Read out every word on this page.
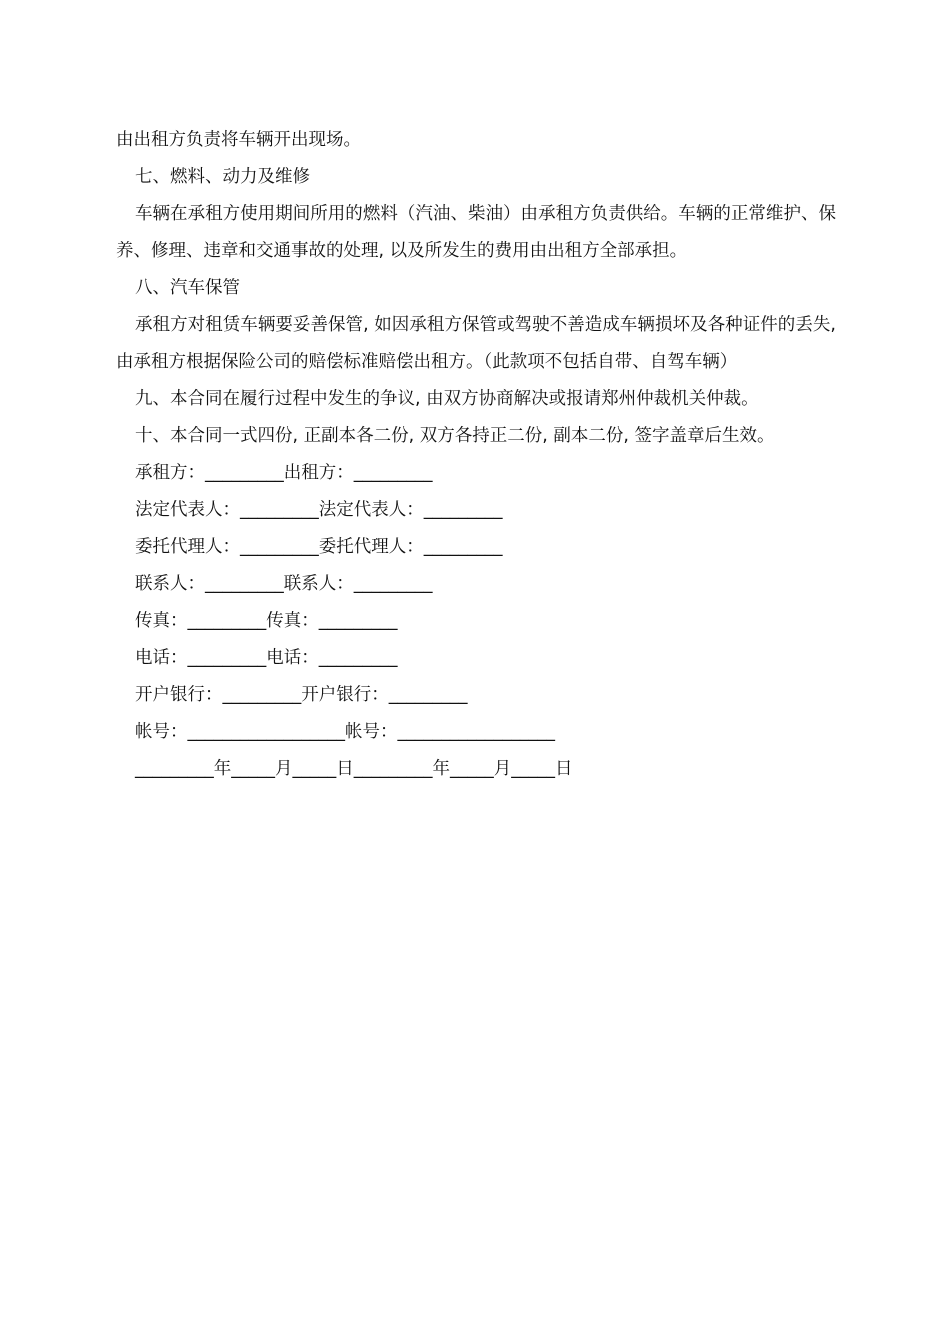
由出租方负责将车辆开出现场。

七、燃料、动力及维修

车辆在承租方使用期间所用的燃料（汽油、柴油）由承租方负责供给。车辆的正常维护、保养、修理、违章和交通事故的处理, 以及所发生的费用由出租方全部承担。

八、汽车保管

承租方对租赁车辆要妥善保管, 如因承租方保管或驾驶不善造成车辆损坏及各种证件的丢失, 由承租方根据保险公司的赔偿标准赔偿出租方。（此款项不包括自带、自驾车辆）

九、本合同在履行过程中发生的争议, 由双方协商解决或报请郑州仲裁机关仲裁。

十、本合同一式四份, 正副本各二份, 双方各持正二份, 副本二份, 签字盖章后生效。

承租方：_________出租方：_________

法定代表人：_________法定代表人：_________

委托代理人：_________委托代理人：_________

联系人：_________联系人：_________

传真：_________传真：_________

电话：_________电话：_________

开户银行：_________开户银行：_________

帐号：__________________帐号：__________________

_________年_____月_____日_________年_____月_____日
